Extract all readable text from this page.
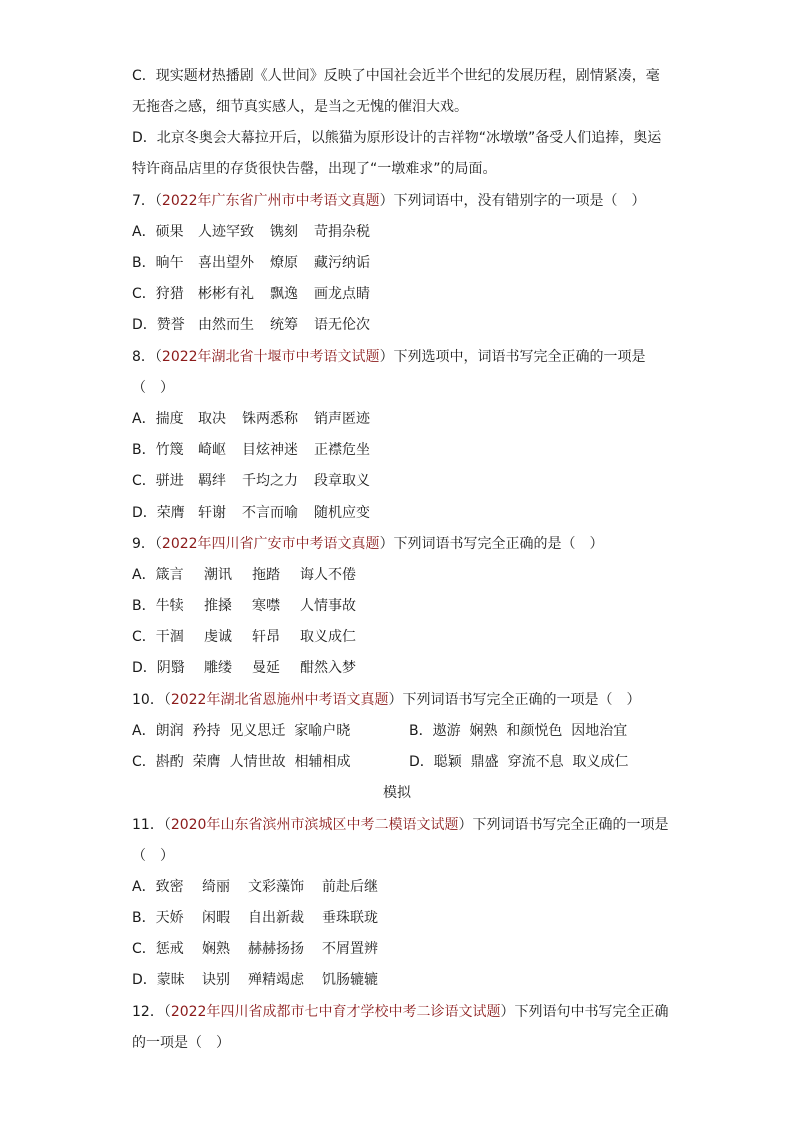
C．现实题材热播剧《人世间》反映了中国社会近半个世纪的发展历程，剧情紧凑，毫
无拖沓之感，细节真实感人，是当之无愧的催泪大戏。
D．北京冬奥会大幕拉开后，以熊猫为原形设计的吉祥物“冰墩墩”备受人们追捧，奥运
特许商品店里的存货很快告罄，出现了“一墩难求”的局面。
7．（2022年广东省广州市中考语文真题）下列词语中，没有错别字的一项是（　）
A．硕果 人迹罕致 镌刻 苛捐杂税
B．晌午 喜出望外 燎原 藏污纳诟
C．狩猎 彬彬有礼 飘逸 画龙点睛
D．赞誉 由然而生 统筹 语无伦次
8．（2022年湖北省十堰市中考语文试题）下列选项中，词语书写完全正确的一项是
（　）
A．揣度 取决 铢两悉称 销声匿迹
B．竹篾 崎岖 目炫神迷 正襟危坐
C．骈进 羁绊 千均之力 段章取义
D．荣膺 轩谢 不言而喻 随机应变
9．（2022年四川省广安市中考语文真题）下列词语书写完全正确的是（　）
A．箴言 潮讯 拖踏 诲人不倦
B．牛犊 推搡 寒噤 人情事故
C．干涸 虔诚 轩昂 取义成仁
D．阴翳 雕缕 曼延 酣然入梦
10．（2022年湖北省恩施州中考语文真题）下列词语书写完全正确的一项是（　）
A．朗润  矜持  见义思迁  家喻户晓	B．遨游  娴熟  和颜悦色  因地治宜
C．斟酌  荣膺  人情世故  相辅相成	D．聪颖  鼎盛  穿流不息  取义成仁
模拟
11．（2020年山东省滨州市滨城区中考二模语文试题）下列词语书写完全正确的一项是
（　）
A．致密 绮丽 文彩藻饰 前赴后继
B．天娇 闲暇 自出新裁 垂珠联珑
C．惩戒 娴熟 赫赫扬扬 不屑置辨
D．蒙昧 诀别 殚精竭虑 饥肠辘辘
12．（2022年四川省成都市七中育才学校中考二诊语文试题）下列语句中书写完全正确
的一项是（　）
